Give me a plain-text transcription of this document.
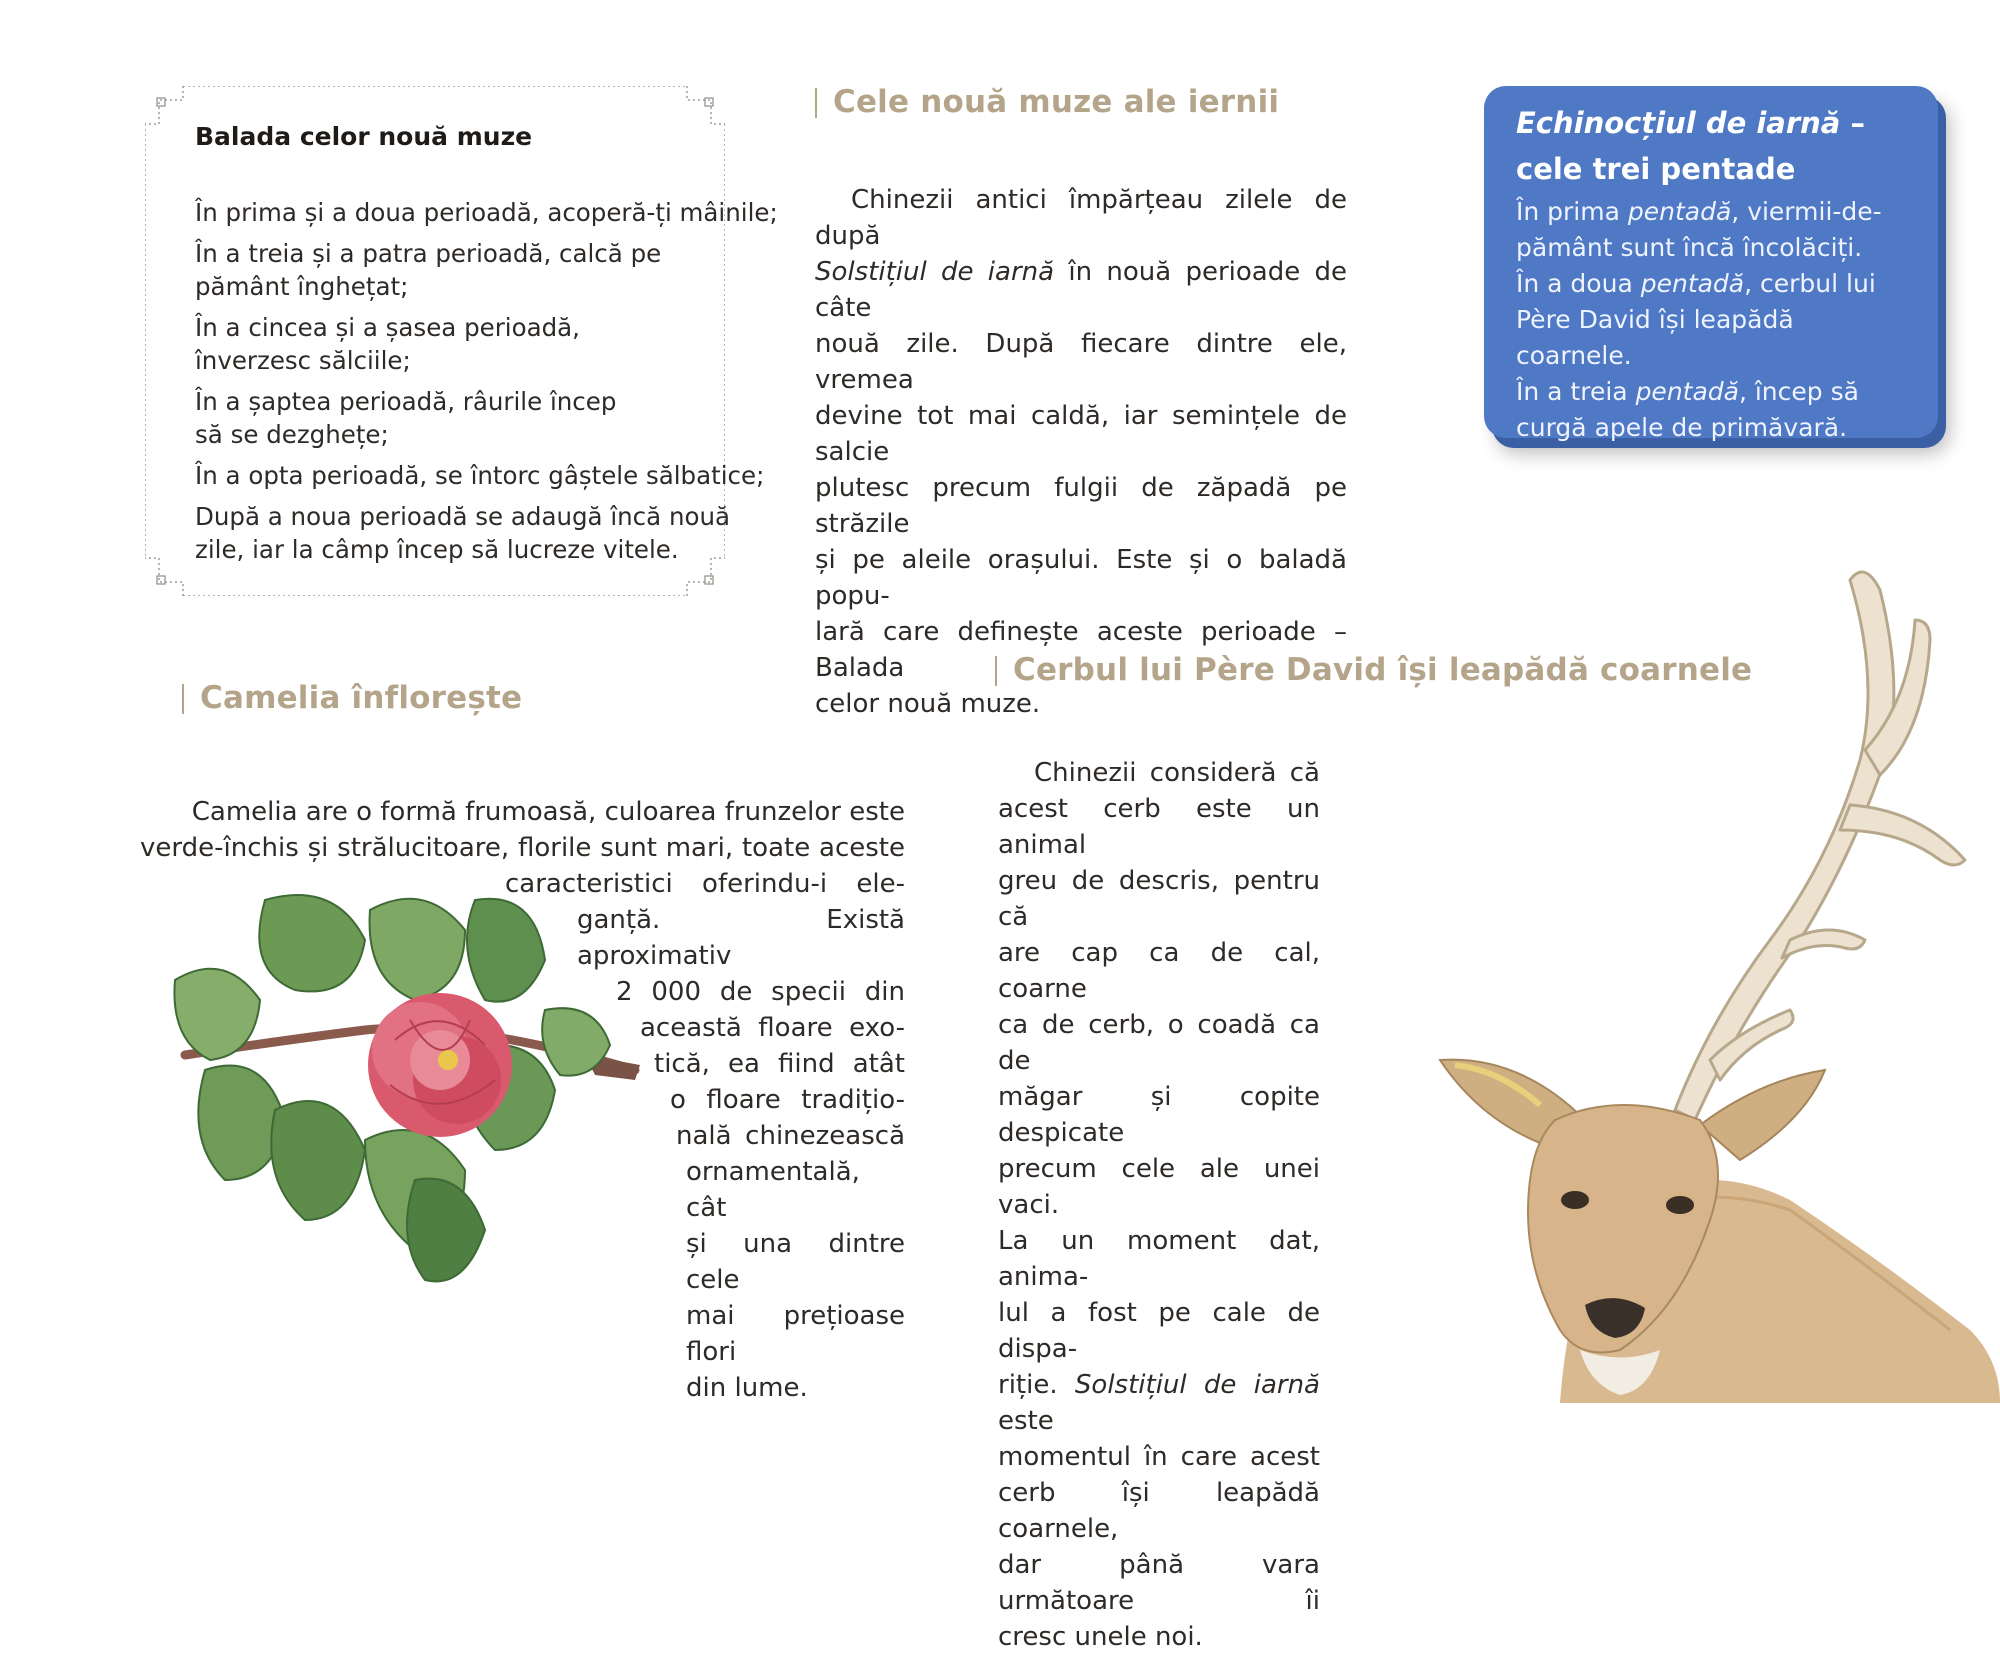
Balada celor nouă muze
În prima și a doua perioadă, acoperă-ți mâinile;
În a treia și a patra perioadă, calcă pe
pământ înghețat;
În a cincea și a șasea perioadă,
înverzesc sălciile;
În a șaptea perioadă, râurile încep
să se dezghețe;
În a opta perioadă, se întorc gâștele sălbatice;
După a noua perioadă se adaugă încă nouă
zile, iar la câmp încep să lucreze vitele.
Cele nouă muze ale iernii

Chinezii antici împărțeau zilele de după

Solstițiul de iarnă în nouă perioade de câte

nouă zile. După fiecare dintre ele, vremea

devine tot mai caldă, iar semințele de salcie

plutesc precum fulgii de zăpadă pe străzile

și pe aleile orașului. Este și o baladă popu-

lară care definește aceste perioade – Balada

celor nouă muze.

Echinocțiul de iarnă – cele trei pentade

În prima pentadă, viermii-de-pământ sunt încă încolăciți.

În a doua pentadă, cerbul lui Père David își leapădă coarnele.

În a treia pentadă, încep să curgă apele de primăvară.

Camelia înflorește

Camelia are o formă frumoasă, culoarea frunzelor este

verde-închis și strălucitoare, florile sunt mari, toate aceste

caracteristici oferindu-i ele-

ganță. Există aproximativ

2 000 de specii din

această floare exo-

tică, ea fiind atât

o floare tradițio-

nală chinezească

ornamentală, cât

și una dintre cele

mai prețioase flori

din lume.

Cerbul lui Père David își leapădă coarnele

Chinezii consideră că

acest cerb este un animal

greu de descris, pentru că

are cap ca de cal, coarne

ca de cerb, o coadă ca de

măgar și copite despicate

precum cele ale unei vaci.

La un moment dat, anima-

lul a fost pe cale de dispa-

riție. Solstițiul de iarnă este

momentul în care acest

cerb își leapădă coarnele,

dar până vara următoare îi

cresc unele noi.
